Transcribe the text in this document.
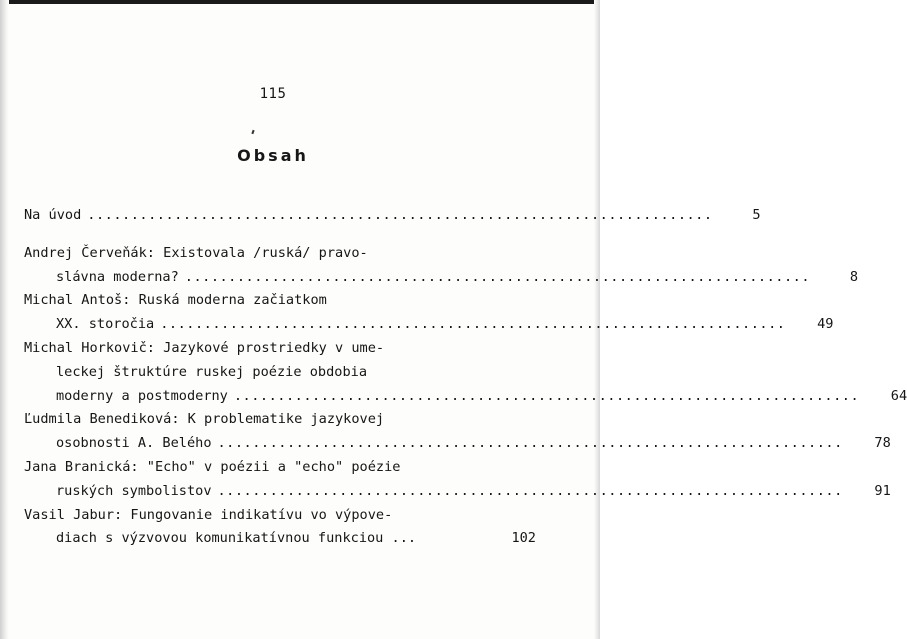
115
Obsah
Na úvod ........................................................................	5
Andrej Červeňák: Existovala /ruská/ pravo-
slávna moderna? ........................................................................	8
Michal Antoš: Ruská moderna začiatkom
XX. storočia ........................................................................	49
Michal Horkovič: Jazykové prostriedky v ume-
leckej štruktúre ruskej poézie obdobia
moderny a postmoderny ........................................................................	64
Ľudmila Benediková: K problematike jazykovej
osobnosti A. Belého ........................................................................	78
Jana Branická: "Echo" v poézii a "echo" poézie
ruských symbolistov ........................................................................	91
Vasil Jabur: Fungovanie indikatívu vo výpove-
diach s výzvovou komunikatívnou funkciou ...	102
